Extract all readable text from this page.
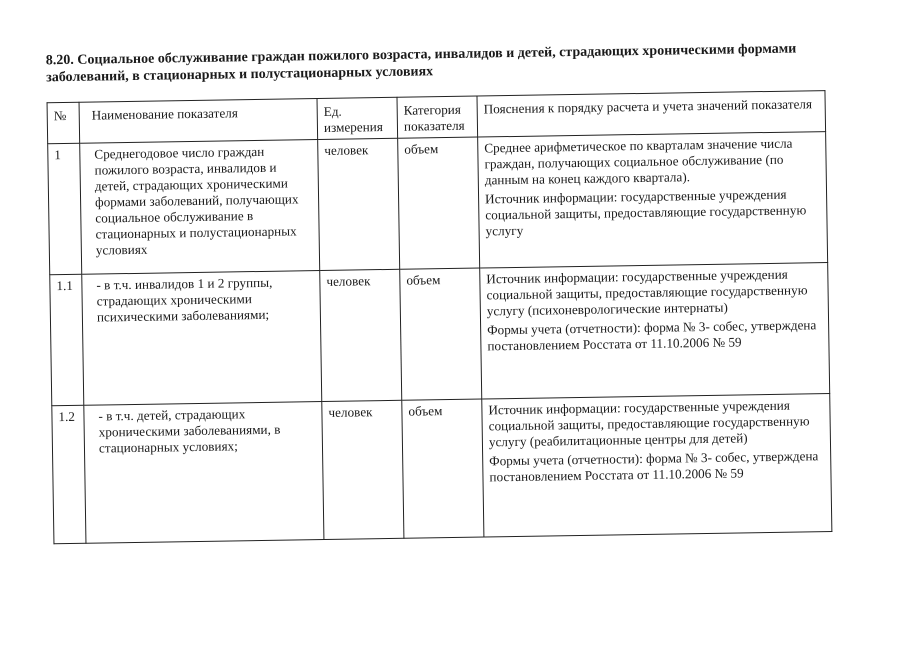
8.20. Социальное обслуживание граждан пожилого возраста, инвалидов и детей, страдающих хроническими формами заболеваний, в стационарных и полустационарных условиях
№	Наименование показателя	Ед. измерения	Категория показателя	Пояснения к порядку расчета и учета значений показателя
1	Среднегодовое число граждан пожилого возраста, инвалидов и детей, страдающих хроническими формами заболеваний, получающих социальное обслуживание в стационарных и полустационарных условиях	человек	объем	Среднее арифметическое по кварталам значение числа граждан, получающих социальное обслуживание (по данным на конец каждого квартала).
Источник информации: государственные учреждения социальной защиты, предоставляющие государственную услугу

1.1	- в т.ч. инвалидов 1 и 2 группы, страдающих хроническими психическими заболеваниями;	человек	объем	Источник информации: государственные учреждения социальной защиты, предоставляющие государственную услугу (психоневрологические интернаты)
Формы учета (отчетности): форма № 3- собес, утверждена постановлением Росстата от 11.10.2006 № 59

1.2	- в т.ч. детей, страдающих хроническими заболеваниями, в стационарных условиях;	человек	объем	Источник информации: государственные учреждения социальной защиты, предоставляющие государственную услугу (реабилитационные центры для детей)
Формы учета (отчетности): форма № 3- собес, утверждена постановлением Росстата от 11.10.2006 № 59
